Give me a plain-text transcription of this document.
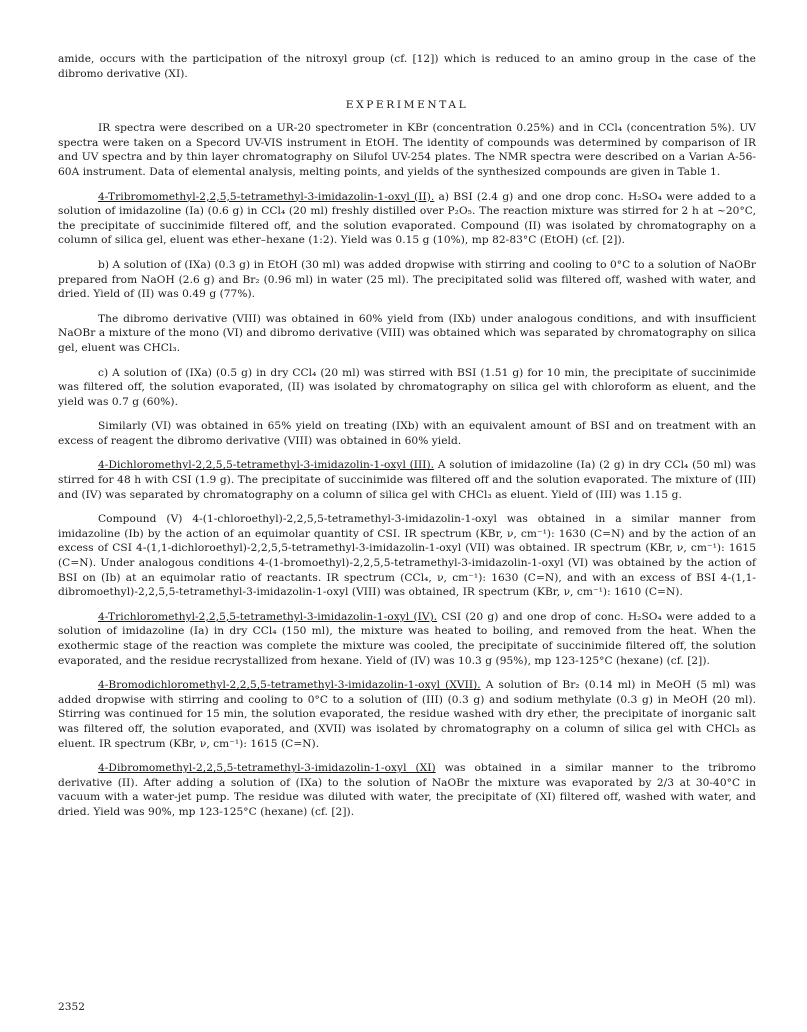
amide, occurs with the participation of the nitroxyl group (cf. [12]) which is reduced to an amino group in the case of the dibromo derivative (XI).

EXPERIMENTAL

IR spectra were described on a UR-20 spectrometer in KBr (concentration 0.25%) and in CCl₄ (concentration 5%). UV spectra were taken on a Specord UV-VIS instrument in EtOH. The identity of compounds was determined by comparison of IR and UV spectra and by thin layer chromatography on Silufol UV-254 plates. The NMR spectra were described on a Varian A-56-60A instrument. Data of elemental analysis, melting points, and yields of the synthesized compounds are given in Table 1.

4-Tribromomethyl-2,2,5,5-tetramethyl-3-imidazolin-1-oxyl (II). a) BSI (2.4 g) and one drop conc. H₂SO₄ were added to a solution of imidazoline (Ia) (0.6 g) in CCl₄ (20 ml) freshly distilled over P₂O₅. The reaction mixture was stirred for 2 h at ~20°C, the precipitate of succinimide filtered off, and the solution evaporated. Compound (II) was isolated by chromatography on a column of silica gel, eluent was ether–hexane (1:2). Yield was 0.15 g (10%), mp 82-83°C (EtOH) (cf. [2]).

b) A solution of (IXa) (0.3 g) in EtOH (30 ml) was added dropwise with stirring and cooling to 0°C to a solution of NaOBr prepared from NaOH (2.6 g) and Br₂ (0.96 ml) in water (25 ml). The precipitated solid was filtered off, washed with water, and dried. Yield of (II) was 0.49 g (77%).

The dibromo derivative (VIII) was obtained in 60% yield from (IXb) under analogous conditions, and with insufficient NaOBr a mixture of the mono (VI) and dibromo derivative (VIII) was obtained which was separated by chromatography on silica gel, eluent was CHCl₃.

c) A solution of (IXa) (0.5 g) in dry CCl₄ (20 ml) was stirred with BSI (1.51 g) for 10 min, the precipitate of succinimide was filtered off, the solution evaporated, (II) was isolated by chromatography on silica gel with chloroform as eluent, and the yield was 0.7 g (60%).

Similarly (VI) was obtained in 65% yield on treating (IXb) with an equivalent amount of BSI and on treatment with an excess of reagent the dibromo derivative (VIII) was obtained in 60% yield.

4-Dichloromethyl-2,2,5,5-tetramethyl-3-imidazolin-1-oxyl (III). A solution of imidazoline (Ia) (2 g) in dry CCl₄ (50 ml) was stirred for 48 h with CSI (1.9 g). The precipitate of succinimide was filtered off and the solution evaporated. The mixture of (III) and (IV) was separated by chromatography on a column of silica gel with CHCl₃ as eluent. Yield of (III) was 1.15 g.

Compound (V) 4-(1-chloroethyl)-2,2,5,5-tetramethyl-3-imidazolin-1-oxyl was obtained in a similar manner from imidazoline (Ib) by the action of an equimolar quantity of CSI. IR spectrum (KBr, ν, cm⁻¹): 1630 (C=N) and by the action of an excess of CSI 4-(1,1-dichloroethyl)-2,2,5,5-tetramethyl-3-imidazolin-1-oxyl (VII) was obtained. IR spectrum (KBr, ν, cm⁻¹): 1615 (C=N). Under analogous conditions 4-(1-bromoethyl)-2,2,5,5-tetramethyl-3-imidazolin-1-oxyl (VI) was obtained by the action of BSI on (Ib) at an equimolar ratio of reactants. IR spectrum (CCl₄, ν, cm⁻¹): 1630 (C=N), and with an excess of BSI 4-(1,1-dibromoethyl)-2,2,5,5-tetramethyl-3-imidazolin-1-oxyl (VIII) was obtained, IR spectrum (KBr, ν, cm⁻¹): 1610 (C=N).

4-Trichloromethyl-2,2,5,5-tetramethyl-3-imidazolin-1-oxyl (IV). CSI (20 g) and one drop of conc. H₂SO₄ were added to a solution of imidazoline (Ia) in dry CCl₄ (150 ml), the mixture was heated to boiling, and removed from the heat. When the exothermic stage of the reaction was complete the mixture was cooled, the precipitate of succinimide filtered off, the solution evaporated, and the residue recrystallized from hexane. Yield of (IV) was 10.3 g (95%), mp 123-125°C (hexane) (cf. [2]).

4-Bromodichloromethyl-2,2,5,5-tetramethyl-3-imidazolin-1-oxyl (XVII). A solution of Br₂ (0.14 ml) in MeOH (5 ml) was added dropwise with stirring and cooling to 0°C to a solution of (III) (0.3 g) and sodium methylate (0.3 g) in MeOH (20 ml). Stirring was continued for 15 min, the solution evaporated, the residue washed with dry ether, the precipitate of inorganic salt was filtered off, the solution evaporated, and (XVII) was isolated by chromatography on a column of silica gel with CHCl₃ as eluent. IR spectrum (KBr, ν, cm⁻¹): 1615 (C=N).

4-Dibromomethyl-2,2,5,5-tetramethyl-3-imidazolin-1-oxyl (XI) was obtained in a similar manner to the tribromo derivative (II). After adding a solution of (IXa) to the solution of NaOBr the mixture was evaporated by 2/3 at 30-40°C in vacuum with a water-jet pump. The residue was diluted with water, the precipitate of (XI) filtered off, washed with water, and dried. Yield was 90%, mp 123-125°C (hexane) (cf. [2]).

2352
